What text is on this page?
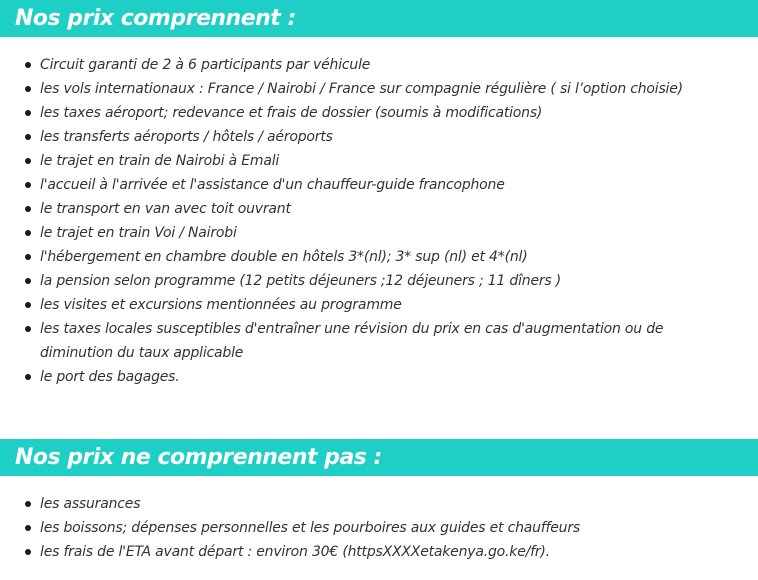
Nos prix comprennent :
Circuit garanti de 2 à 6 participants par véhicule
les vols internationaux : France / Nairobi / France sur compagnie régulière ( si l’option choisie)
les taxes aéroport; redevance et frais de dossier (soumis à modifications)
les transferts aéroports / hôtels / aéroports
le trajet en train de Nairobi à Emali
l'accueil à l'arrivée et l'assistance d'un chauffeur-guide francophone
le transport en van avec toit ouvrant
le trajet en train Voi / Nairobi
l'hébergement en chambre double en hôtels 3*(nl); 3* sup (nl) et 4*(nl)
la pension selon programme (12 petits déjeuners ;12 déjeuners ; 11 dîners )
les visites et excursions mentionnées au programme
les taxes locales susceptibles d'entraîner une révision du prix en cas d'augmentation ou de diminution du taux applicable
le port des bagages.
Nos prix ne comprennent pas :
les assurances
les boissons; dépenses personnelles et les pourboires aux guides et chauffeurs
les frais de l'ETA avant départ : environ 30€ (httpsXXXXetakenya.go.ke/fr).
